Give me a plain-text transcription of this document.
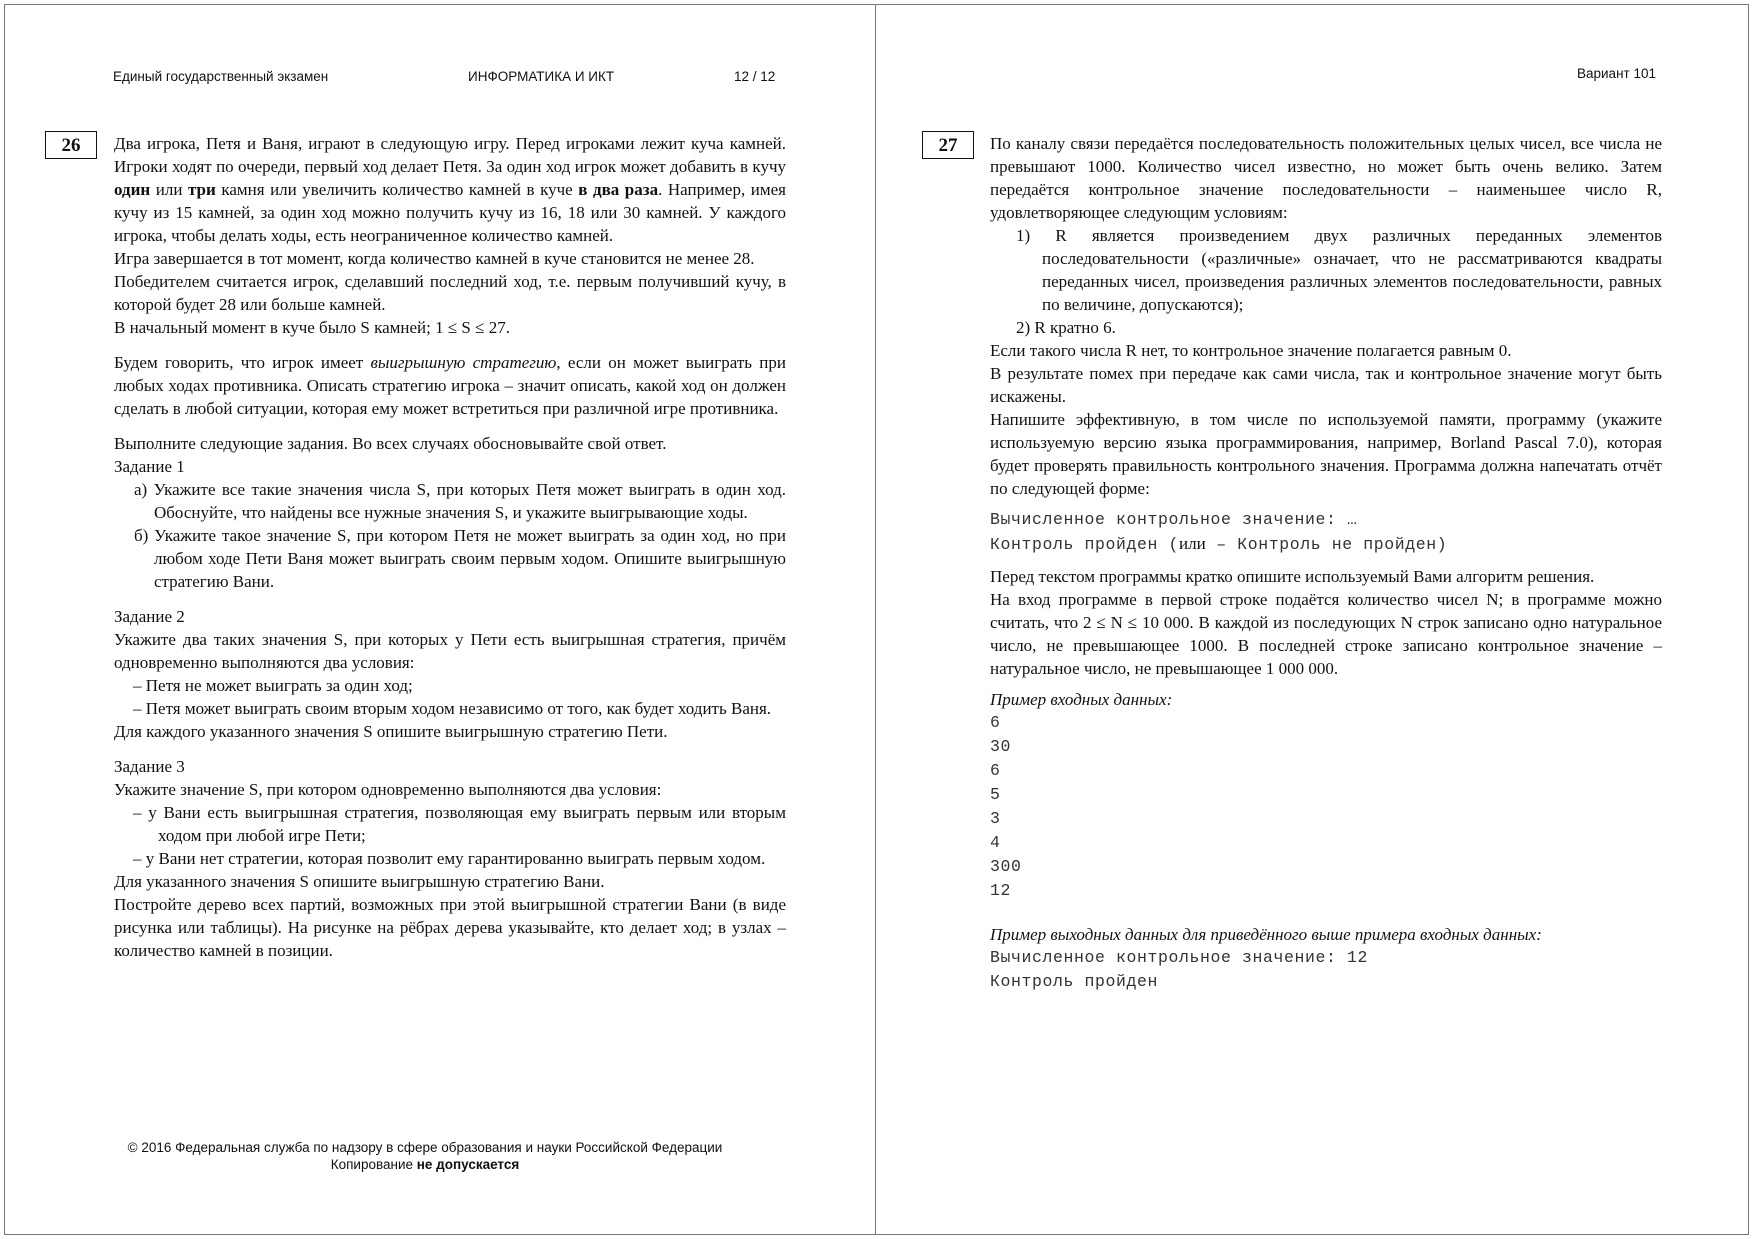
Единый государственный экзамен	ИНФОРМАТИКА И ИКТ	12 / 12	Вариант 101
26	Два игрока, Петя и Ваня, играют в следующую игру. Перед игроками лежит куча камней. Игроки ходят по очереди, первый ход делает Петя. За один ход игрок может добавить в кучу один или три камня или увеличить количество камней в куче в два раза. Например, имея кучу из 15 камней, за один ход можно получить кучу из 16, 18 или 30 камней. У каждого игрока, чтобы делать ходы, есть неограниченное количество камней.

Игра завершается в тот момент, когда количество камней в куче становится не менее 28.

Победителем считается игрок, сделавший последний ход, т.е. первым получивший кучу, в которой будет 28 или больше камней.

В начальный момент в куче было S камней; 1 ≤ S ≤ 27.

Будем говорить, что игрок имеет выигрышную стратегию, если он может выиграть при любых ходах противника. Описать стратегию игрока – значит описать, какой ход он должен сделать в любой ситуации, которая ему может встретиться при различной игре противника.

Выполните следующие задания. Во всех случаях обосновывайте свой ответ.

Задание 1

а) Укажите все такие значения числа S, при которых Петя может выиграть в один ход. Обоснуйте, что найдены все нужные значения S, и укажите выигрывающие ходы.

б) Укажите такое значение S, при котором Петя не может выиграть за один ход, но при любом ходе Пети Ваня может выиграть своим первым ходом. Опишите выигрышную стратегию Вани.

Задание 2

Укажите два таких значения S, при которых у Пети есть выигрышная стратегия, причём одновременно выполняются два условия:

– Петя не может выиграть за один ход;

– Петя может выиграть своим вторым ходом независимо от того, как будет ходить Ваня.

Для каждого указанного значения S опишите выигрышную стратегию Пети.

Задание 3

Укажите значение S, при котором одновременно выполняются два условия:

– у Вани есть выигрышная стратегия, позволяющая ему выиграть первым или вторым ходом при любой игре Пети;

– у Вани нет стратегии, которая позволит ему гарантированно выиграть первым ходом.

Для указанного значения S опишите выигрышную стратегию Вани.

Постройте дерево всех партий, возможных при этой выигрышной стратегии Вани (в виде рисунка или таблицы). На рисунке на рёбрах дерева указывайте, кто делает ход; в узлах – количество камней в позиции.

© 2016 Федеральная служба по надзору в сфере образования и науки Российской Федерации
Копирование не допускается
27	По каналу связи передаётся последовательность положительных целых чисел, все числа не превышают 1000. Количество чисел известно, но может быть очень велико. Затем передаётся контрольное значение последовательности – наименьшее число R, удовлетворяющее следующим условиям:

1) R является произведением двух различных переданных элементов последовательности («различные» означает, что не рассматриваются квадраты переданных чисел, произведения различных элементов последовательности, равных по величине, допускаются);

2) R кратно 6.

Если такого числа R нет, то контрольное значение полагается равным 0.

В результате помех при передаче как сами числа, так и контрольное значение могут быть искажены.

Напишите эффективную, в том числе по используемой памяти, программу (укажите используемую версию языка программирования, например, Borland Pascal 7.0), которая будет проверять правильность контрольного значения. Программа должна напечатать отчёт по следующей форме:

Вычисленное контрольное значение: …

Контроль пройден (или – Контроль не пройден)

Перед текстом программы кратко опишите используемый Вами алгоритм решения.

На вход программе в первой строке подаётся количество чисел N; в программе можно считать, что 2 ≤ N ≤ 10 000. В каждой из последующих N строк записано одно натуральное число, не превышающее 1000. В последней строке записано контрольное значение – натуральное число, не превышающее 1 000 000.

Пример входных данных:

6

30

6

5

3

4

300

12

Пример выходных данных для приведённого выше примера входных данных:

Вычисленное контрольное значение: 12

Контроль пройден
